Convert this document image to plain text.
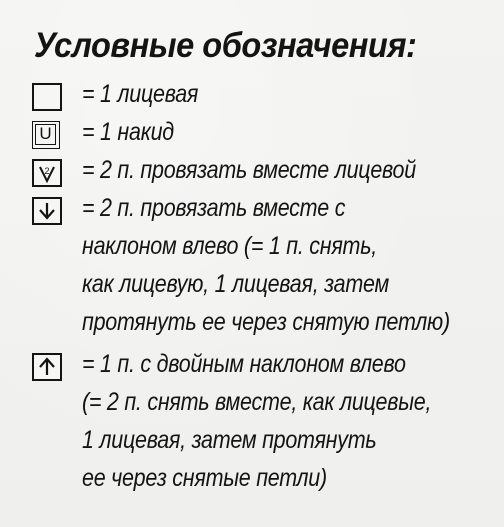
Условные обозначения:
= 1 лицевая
U = 1 накид
2 = 2 п. провязать вместе лицевой
= 2 п. провязать вместе с
наклоном влево (= 1 п. снять,
как лицевую, 1 лицевая, затем
протянуть ее через снятую петлю)
= 1 п. с двойным наклоном влево
(= 2 п. снять вместе, как лицевые,
1 лицевая, затем протянуть
ее через снятые петли)
